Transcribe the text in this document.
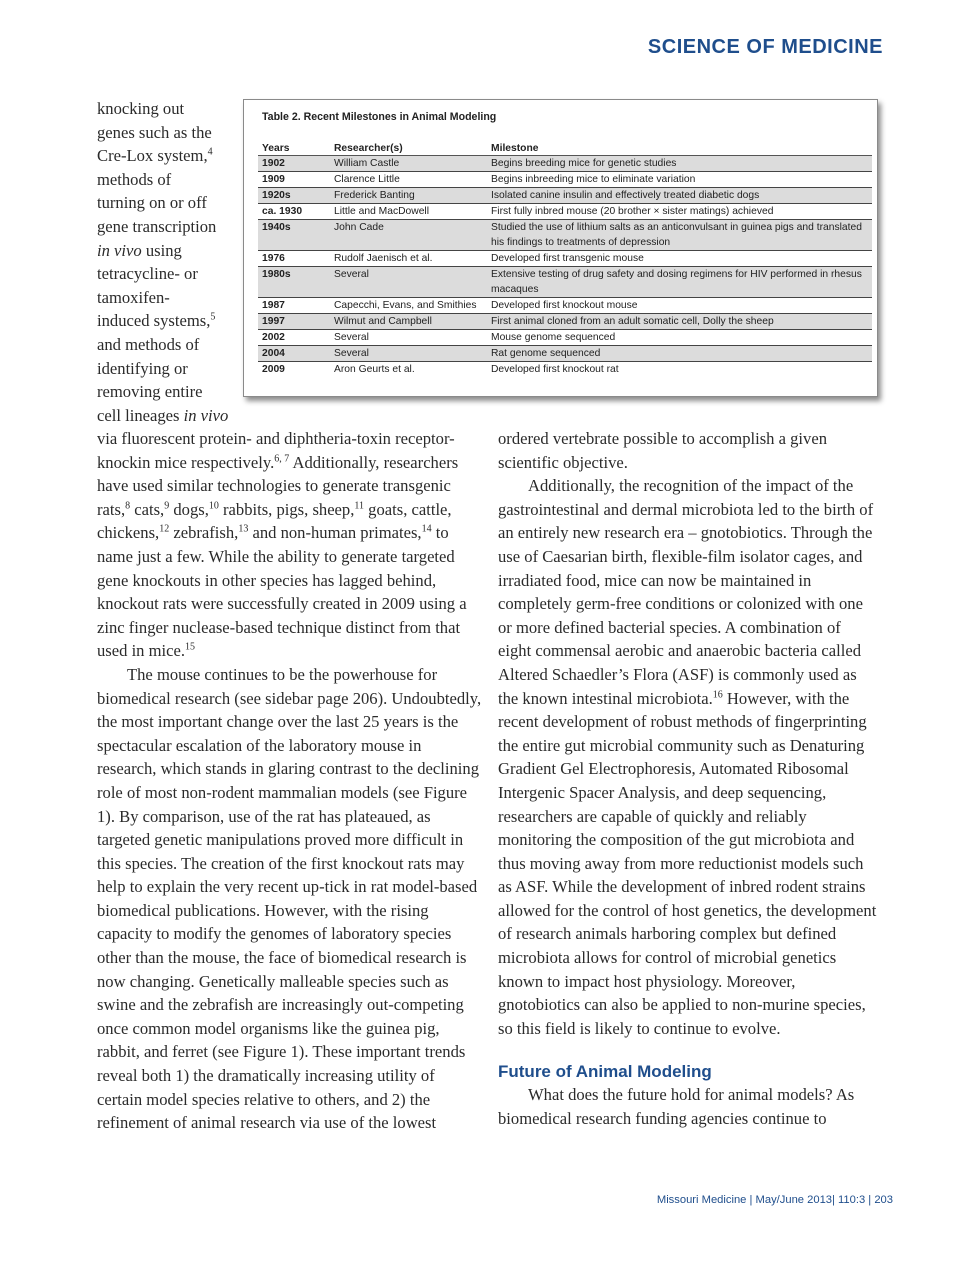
SCIENCE OF MEDICINE
Table 2. Recent Milestones in Animal Modeling
Years	Researcher(s)	Milestone
1902	William Castle	Begins breeding mice for genetic studies
1909	Clarence Little	Begins inbreeding mice to eliminate variation
1920s	Frederick Banting	Isolated canine insulin and effectively treated diabetic dogs
ca. 1930	Little and MacDowell	First fully inbred mouse (20 brother × sister matings) achieved
1940s	John Cade	Studied the use of lithium salts as an anticonvulsant in guinea pigs and translated his findings to treatments of depression
1976	Rudolf Jaenisch et al.	Developed first transgenic mouse
1980s	Several	Extensive testing of drug safety and dosing regimens for HIV performed in rhesus macaques
1987	Capecchi, Evans, and Smithies	Developed first knockout mouse
1997	Wilmut and Campbell	First animal cloned from an adult somatic cell, Dolly the sheep
2002	Several	Mouse genome sequenced
2004	Several	Rat genome sequenced
2009	Aron Geurts et al.	Developed first knockout rat
knocking out
genes such as the
Cre-Lox system,$^4$
methods of
turning on or off
gene transcription
in vivo using
tetracycline- or
tamoxifen-
induced systems,$^5$
and methods of
identifying or
removing entire
cell lineages in vivo

via fluorescent protein- and diphtheria-toxin receptor-knockin mice respectively.$^{6, 7}$ Additionally, researchers have used similar technologies to generate transgenic rats,$^8$ cats,$^9$ dogs,$^{10}$ rabbits, pigs, sheep,$^{11}$ goats, cattle, chickens,$^{12}$ zebrafish,$^{13}$ and non-human primates,$^{14}$ to name just a few. While the ability to generate targeted gene knockouts in other species has lagged behind, knockout rats were successfully created in 2009 using a zinc finger nuclease-based technique distinct from that used in mice.$^{15}$

The mouse continues to be the powerhouse for biomedical research (see sidebar page 206). Undoubtedly, the most important change over the last 25 years is the spectacular escalation of the laboratory mouse in research, which stands in glaring contrast to the declining role of most non-rodent mammalian models (see Figure 1). By comparison, use of the rat has plateaued, as targeted genetic manipulations proved more difficult in this species. The creation of the first knockout rats may help to explain the very recent up-tick in rat model-based biomedical publications. However, with the rising capacity to modify the genomes of laboratory species other than the mouse, the face of biomedical research is now changing. Genetically malleable species such as swine and the zebrafish are increasingly out-competing once common model organisms like the guinea pig, rabbit, and ferret (see Figure 1). These important trends reveal both 1) the dramatically increasing utility of certain model species relative to others, and 2) the refinement of animal research via use of the lowest

ordered vertebrate possible to accomplish a given scientific objective.

Additionally, the recognition of the impact of the gastrointestinal and dermal microbiota led to the birth of an entirely new research era – gnotobiotics. Through the use of Caesarian birth, flexible-film isolator cages, and irradiated food, mice can now be maintained in completely germ-free conditions or colonized with one or more defined bacterial species. A combination of eight commensal aerobic and anaerobic bacteria called Altered Schaedler’s Flora (ASF) is commonly used as the known intestinal microbiota.$^{16}$ However, with the recent development of robust methods of fingerprinting the entire gut microbial community such as Denaturing Gradient Gel Electrophoresis, Automated Ribosomal Intergenic Spacer Analysis, and deep sequencing, researchers are capable of quickly and reliably monitoring the composition of the gut microbiota and thus moving away from more reductionist models such as ASF. While the development of inbred rodent strains allowed for the control of host genetics, the development of research animals harboring complex but defined microbiota allows for control of microbial genetics known to impact host physiology. Moreover, gnotobiotics can also be applied to non-murine species, so this field is likely to continue to evolve.

Future of Animal Modeling

What does the future hold for animal models? As biomedical research funding agencies continue to

Missouri Medicine | May/June 2013| 110:3 | 203
